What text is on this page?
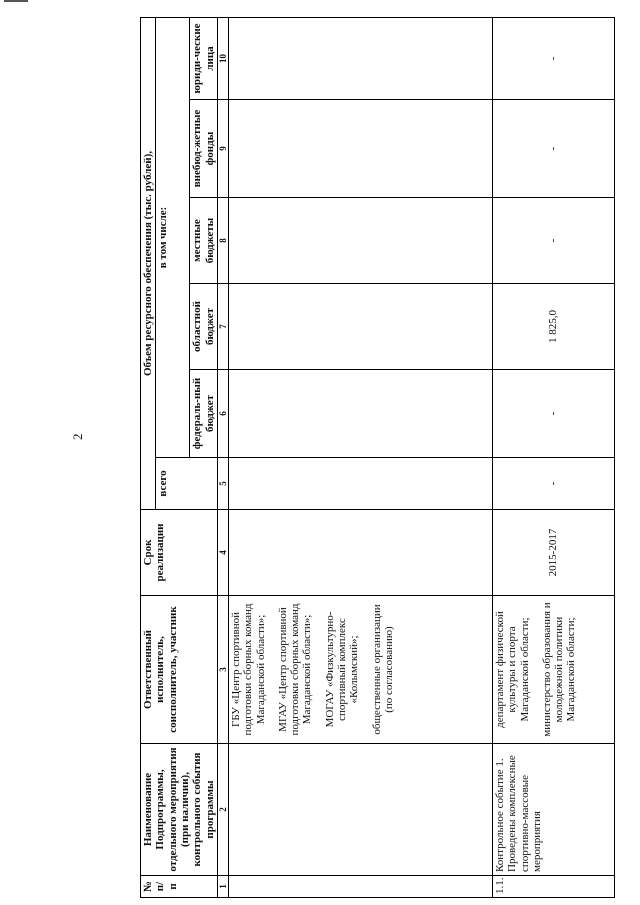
2
№ п/п	Наименование Подпрограммы, отдельного мероприятия (при наличии), контрольного события программы	Ответственный исполнитель, соисполнитель, участник	Срок реализации	Объем ресурсного обеспечения (тыс. рублей),					
				всего	в том числе:				
					федераль-ный бюджет	областной бюджет	местные бюджеты	внебюд-жетные фонды	юриди-ческие лица
1	2	3	4	5	6	7	8	9	10

		ГБУ «Центр спортивной подготовки сборных команд Магаданской области»; МГАУ «Центр спортивной подготовки сборных команд Магаданской области»; МОГАУ «Физкультурно-спортивный комплекс «Колымский»; общественные организации (по согласованию)							

1.1.	Контрольное событие 1. Проведены комплексные спортивно-массовые мероприятия	департамент физической культуры и спорта Магаданской области; министерство образования и молодежной политики Магаданской области;	2015-2017	-	-	1 825,0	-	-	-
